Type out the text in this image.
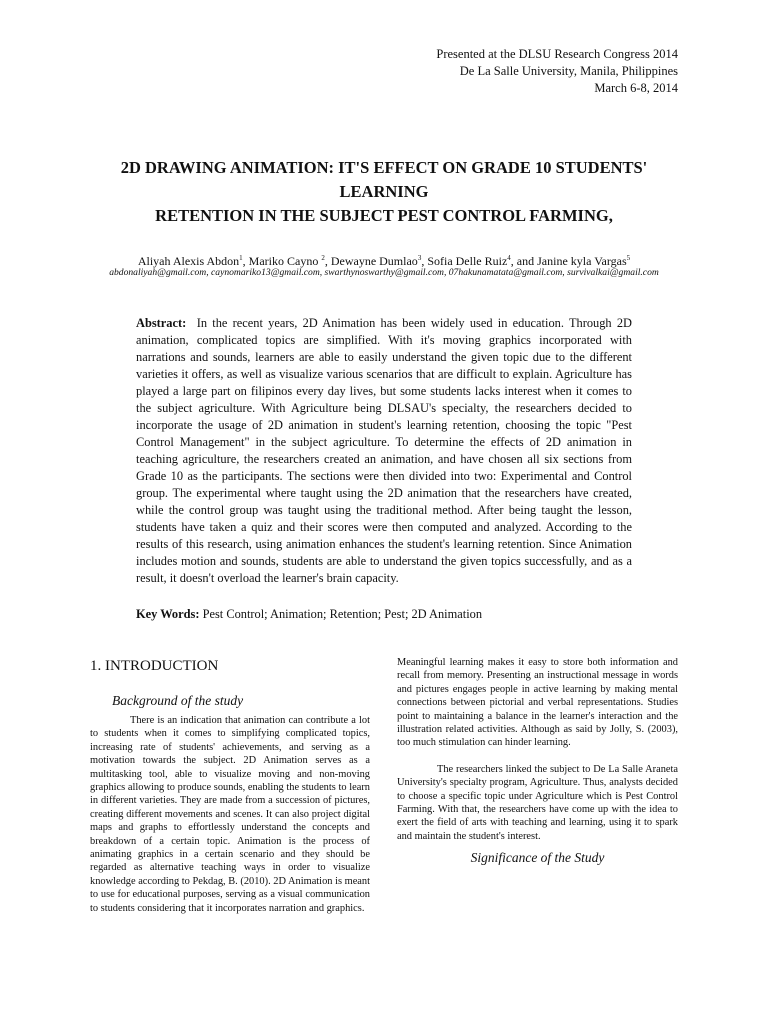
Presented at the DLSU Research Congress 2014
De La Salle University, Manila, Philippines
March 6-8, 2014
2D DRAWING ANIMATION: IT'S EFFECT ON GRADE 10 STUDENTS'
LEARNING
RETENTION IN THE SUBJECT PEST CONTROL FARMING,
Aliyah Alexis Abdon$^1$, Mariko Cayno $^2$, Dewayne Dumlao$^3$, Sofia Delle Ruiz$^4$, and Janine kyla Vargas$^5$
abdonaliyah@gmail.com, caynomariko13@gmail.com, swarthynoswarthy@gmail.com, 07hakunamatata@gmail.com, survivalkai@gmail.com
Abstract: In the recent years, 2D Animation has been widely used in education. Through 2D animation, complicated topics are simplified. With it's moving graphics incorporated with narrations and sounds, learners are able to easily understand the given topic due to the different varieties it offers, as well as visualize various scenarios that are difficult to explain. Agriculture has played a large part on filipinos every day lives, but some students lacks interest when it comes to the subject agriculture. With Agriculture being DLSAU's specialty, the researchers decided to incorporate the usage of 2D animation in student's learning retention, choosing the topic "Pest Control Management" in the subject agriculture. To determine the effects of 2D animation in teaching agriculture, the researchers created an animation, and have chosen all six sections from Grade 10 as the participants. The sections were then divided into two: Experimental and Control group. The experimental where taught using the 2D animation that the researchers have created, while the control group was taught using the traditional method. After being taught the lesson, students have taken a quiz and their scores were then computed and analyzed. According to the results of this research, using animation enhances the student's learning retention. Since Animation includes motion and sounds, students are able to understand the given topics successfully, and as a result, it doesn't overload the learner's brain capacity.
Key Words: Pest Control; Animation; Retention; Pest; 2D Animation
1. INTRODUCTION
Background of the study

There is an indication that animation can contribute a lot to students when it comes to simplifying complicated topics, increasing rate of students' achievements, and serving as a motivation towards the subject. 2D Animation serves as a multitasking tool, able to visualize moving and non-moving graphics allowing to produce sounds, enabling the students to learn in different varieties. They are made from a succession of pictures, creating different movements and scenes. It can also project digital maps and graphs to effortlessly understand the concepts and breakdown of a certain topic. Animation is the process of animating graphics in a certain scenario and they should be regarded as alternative teaching ways in order to visualize knowledge according to Pekdag, B. (2010). 2D Animation is meant to use for educational purposes, serving as a visual communication to students considering that it incorporates narration and graphics.

Meaningful learning makes it easy to store both information and recall from memory. Presenting an instructional message in words and pictures engages people in active learning by making mental connections between pictorial and verbal representations. Studies point to maintaining a balance in the learner's interaction and the illustration related activities. Although as said by Jolly, S. (2003), too much stimulation can hinder learning.

The researchers linked the subject to De La Salle Araneta University's specialty program, Agriculture. Thus, analysts decided to choose a specific topic under Agriculture which is Pest Control Farming. With that, the researchers have come up with the idea to exert the field of arts with teaching and learning, using it to spark and maintain the student's interest.

Significance of the Study
